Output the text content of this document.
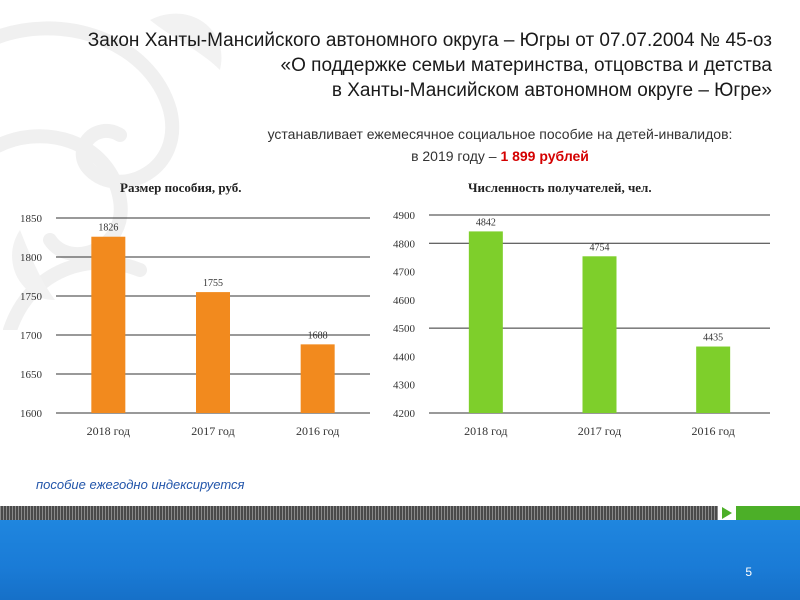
Закон Ханты-Мансийского автономного округа – Югры от 07.07.2004 № 45-оз
«О поддержке семьи материнства, отцовства и детства
в Ханты-Мансийском автономном округе – Югре»
устанавливает ежемесячное социальное пособие на детей-инвалидов:
в 2019 году – 1 899 рублей
Размер пособия, руб.	Численность получателей, чел.
1600
1650
1700
1750
1800
1850
1826
2018 год
1755
2017 год
1688
2016 год
4200
4300
4400
4500
4600
4700
4800
4900
4842
2018 год
4754
2017 год
4435
2016 год
пособие ежегодно индексируется
5
